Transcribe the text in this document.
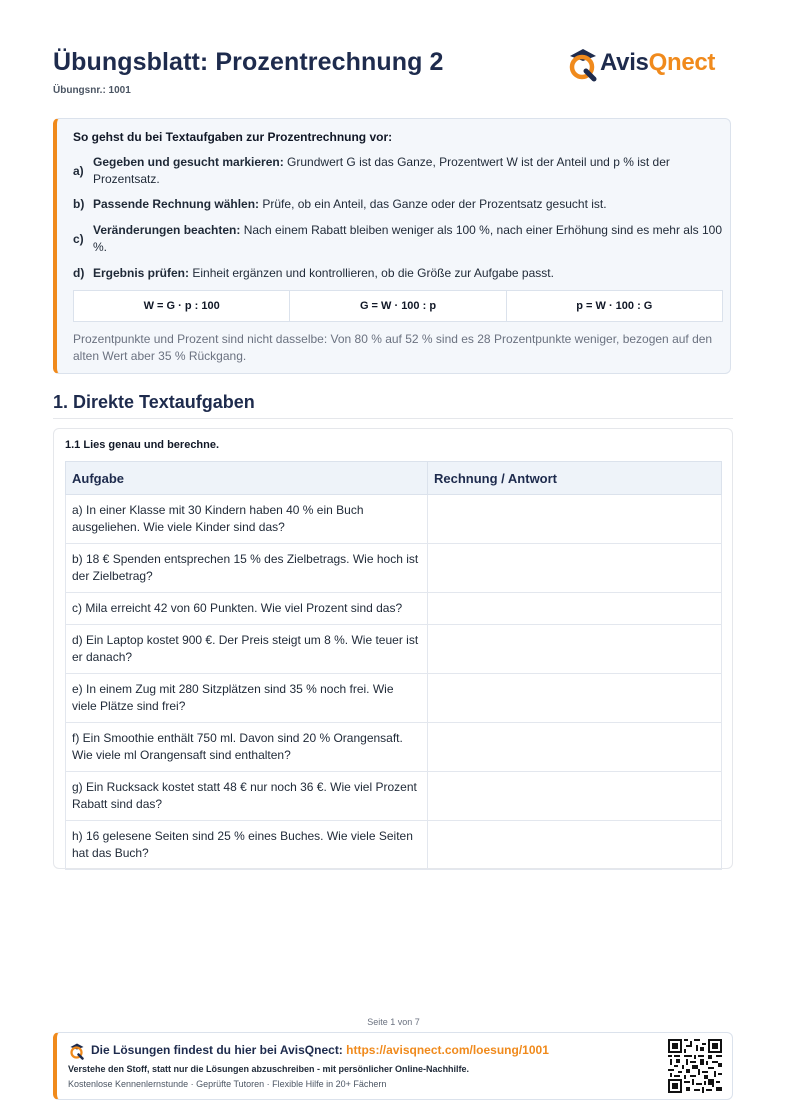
Übungsblatt: Prozentrechnung 2
Übungsnr.: 1001
AvisQnect
So gehst du bei Textaufgaben zur Prozentrechnung vor:
a)
Gegeben und gesucht markieren: Grundwert G ist das Ganze, Prozentwert W ist der Anteil und p % ist der Prozentsatz.
b) Passende Rechnung wählen: Prüfe, ob ein Anteil, das Ganze oder der Prozentsatz gesucht ist.
c)
Veränderungen beachten: Nach einem Rabatt bleiben weniger als 100 %, nach einer Erhöhung sind es mehr als 100 %.
d) Ergebnis prüfen: Einheit ergänzen und kontrollieren, ob die Größe zur Aufgabe passt.
W = G · p : 100	G = W · 100 : p	p = W · 100 : G
Prozentpunkte und Prozent sind nicht dasselbe: Von 80 % auf 52 % sind es 28 Prozentpunkte weniger, bezogen auf den alten Wert aber 35 % Rückgang.
1. Direkte Textaufgaben
1.1 Lies genau und berechne.
Aufgabe	Rechnung / Antwort
a) In einer Klasse mit 30 Kindern haben 40 % ein Buch ausgeliehen. Wie viele Kinder sind das?	
b) 18 € Spenden entsprechen 15 % des Zielbetrags. Wie hoch ist der Zielbetrag?	
c) Mila erreicht 42 von 60 Punkten. Wie viel Prozent sind das?	
d) Ein Laptop kostet 900 €. Der Preis steigt um 8 %. Wie teuer ist er danach?	
e) In einem Zug mit 280 Sitzplätzen sind 35 % noch frei. Wie viele Plätze sind frei?	
f) Ein Smoothie enthält 750 ml. Davon sind 20 % Orangensaft. Wie viele ml Orangensaft sind enthalten?	
g) Ein Rucksack kostet statt 48 € nur noch 36 €. Wie viel Prozent Rabatt sind das?	
h) 16 gelesene Seiten sind 25 % eines Buches. Wie viele Seiten hat das Buch?	
Seite 1 von 7
Die Lösungen findest du hier bei AvisQnect: https://avisqnect.com/loesung/1001
Verstehe den Stoff, statt nur die Lösungen abzuschreiben - mit persönlicher Online-Nachhilfe.
Kostenlose Kennenlernstunde · Geprüfte Tutoren · Flexible Hilfe in 20+ Fächern
